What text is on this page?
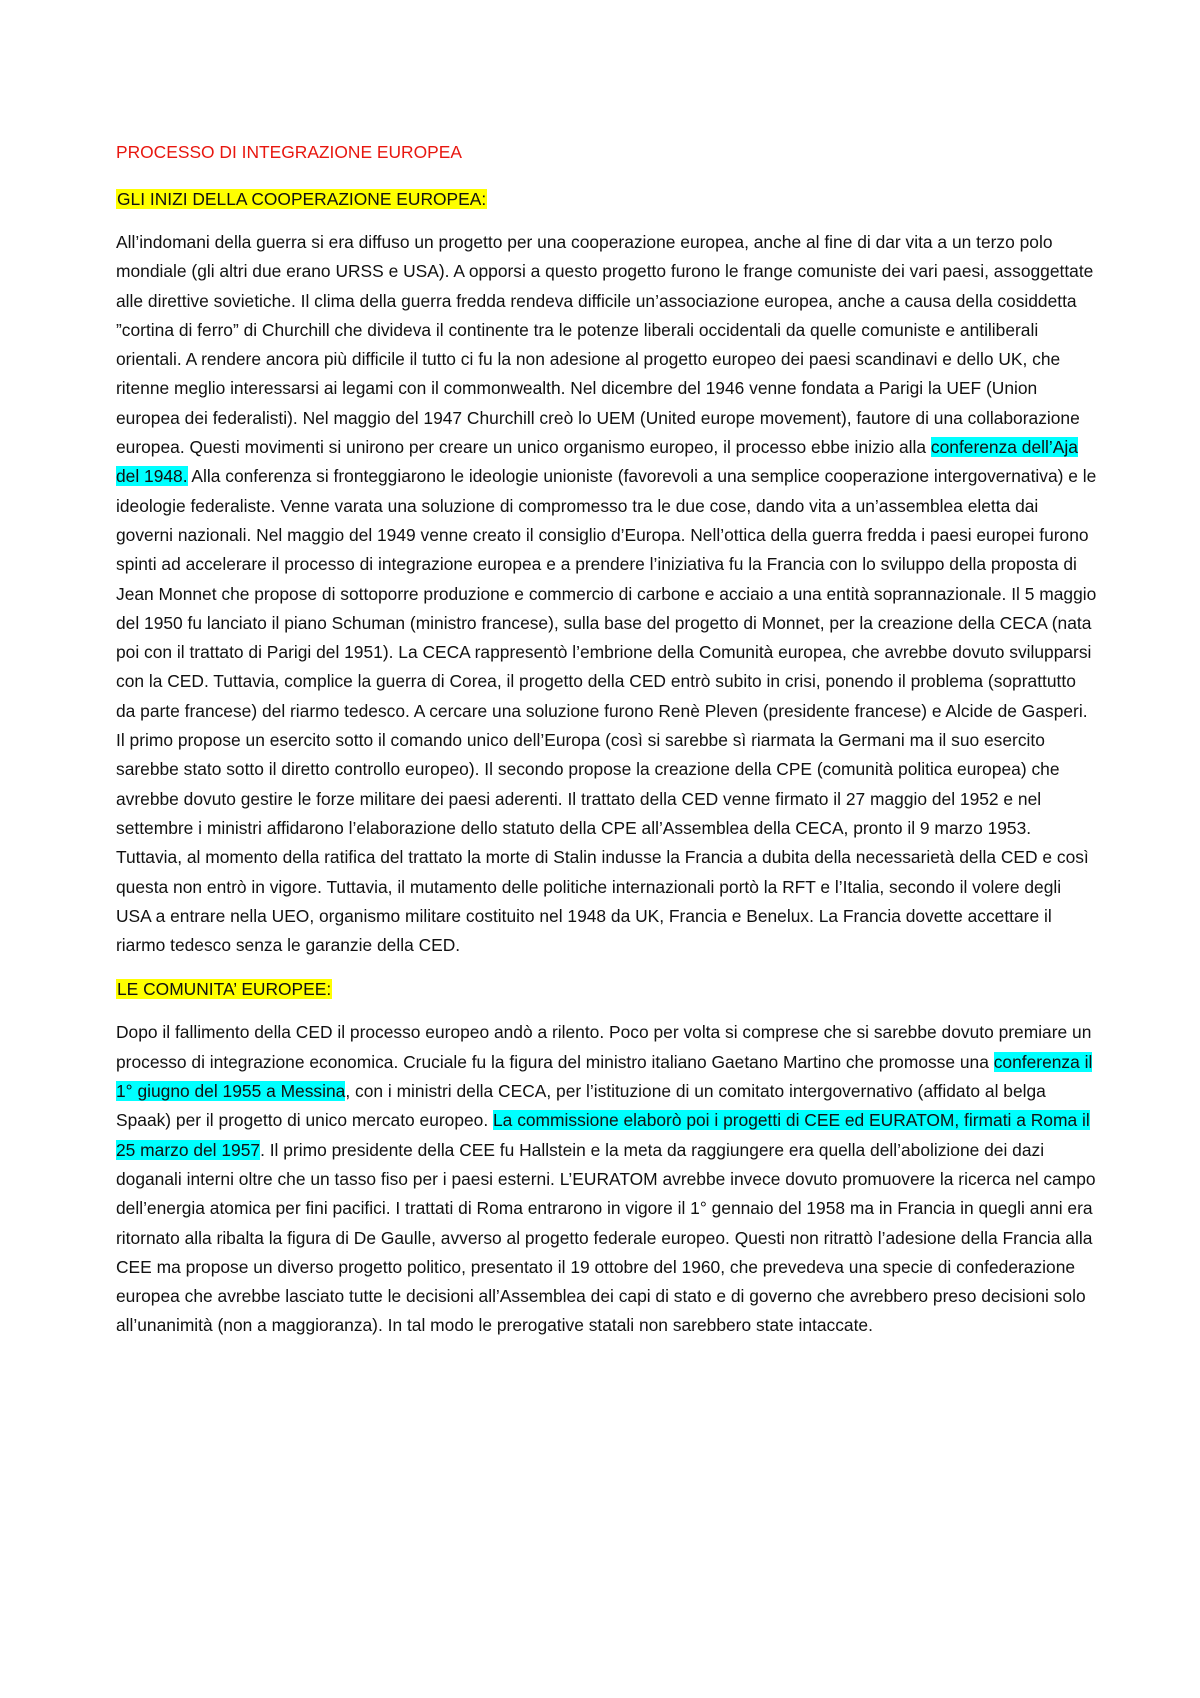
PROCESSO DI INTEGRAZIONE EUROPEA
GLI INIZI DELLA COOPERAZIONE EUROPEA:

All’indomani della guerra si era diffuso un progetto per una cooperazione europea, anche al fine di dar vita a un terzo polo mondiale (gli altri due erano URSS e USA). A opporsi a questo progetto furono le frange comuniste dei vari paesi, assoggettate alle direttive sovietiche. Il clima della guerra fredda rendeva difficile un’associazione europea, anche a causa della cosiddetta ”cortina di ferro” di Churchill che divideva il continente tra le potenze liberali occidentali da quelle comuniste e antiliberali orientali. A rendere ancora più difficile il tutto ci fu la non adesione al progetto europeo dei paesi scandinavi e dello UK, che ritenne meglio interessarsi ai legami con il commonwealth. Nel dicembre del 1946 venne fondata a Parigi la UEF (Union europea dei federalisti). Nel maggio del 1947 Churchill creò lo UEM (United europe movement), fautore di una collaborazione europea. Questi movimenti si unirono per creare un unico organismo europeo, il processo ebbe inizio alla conferenza dell’Aja del 1948. Alla conferenza si fronteggiarono le ideologie unioniste (favorevoli a una semplice cooperazione intergovernativa) e le ideologie federaliste. Venne varata una soluzione di compromesso tra le due cose, dando vita a un’assemblea eletta dai governi nazionali. Nel maggio del 1949 venne creato il consiglio d’Europa. Nell’ottica della guerra fredda i paesi europei furono spinti ad accelerare il processo di integrazione europea e a prendere l’iniziativa fu la Francia con lo sviluppo della proposta di Jean Monnet che propose di sottoporre produzione e commercio di carbone e acciaio a una entità soprannazionale. Il 5 maggio del 1950 fu lanciato il piano Schuman (ministro francese), sulla base del progetto di Monnet, per la creazione della CECA (nata poi con il trattato di Parigi del 1951). La CECA rappresentò l’embrione della Comunità europea, che avrebbe dovuto svilupparsi con la CED. Tuttavia, complice la guerra di Corea, il progetto della CED entrò subito in crisi, ponendo il problema (soprattutto da parte francese) del riarmo tedesco. A cercare una soluzione furono Renè Pleven (presidente francese) e Alcide de Gasperi. Il primo propose un esercito sotto il comando unico dell’Europa (così si sarebbe sì riarmata la Germani ma il suo esercito sarebbe stato sotto il diretto controllo europeo). Il secondo propose la creazione della CPE (comunità politica europea) che avrebbe dovuto gestire le forze militare dei paesi aderenti. Il trattato della CED venne firmato il 27 maggio del 1952 e nel settembre i ministri affidarono l’elaborazione dello statuto della CPE all’Assemblea della CECA, pronto il 9 marzo 1953. Tuttavia, al momento della ratifica del trattato la morte di Stalin indusse la Francia a dubita della necessarietà della CED e così questa non entrò in vigore. Tuttavia, il mutamento delle politiche internazionali portò la RFT e l’Italia, secondo il volere degli USA a entrare nella UEO, organismo militare costituito nel 1948 da UK, Francia e Benelux. La Francia dovette accettare il riarmo tedesco senza le garanzie della CED.

LE COMUNITA’ EUROPEE:

Dopo il fallimento della CED il processo europeo andò a rilento. Poco per volta si comprese che si sarebbe dovuto premiare un processo di integrazione economica. Cruciale fu la figura del ministro italiano Gaetano Martino che promosse una conferenza il 1° giugno del 1955 a Messina, con i ministri della CECA, per l’istituzione di un comitato intergovernativo (affidato al belga Spaak) per il progetto di unico mercato europeo. La commissione elaborò poi i progetti di CEE ed EURATOM, firmati a Roma il 25 marzo del 1957. Il primo presidente della CEE fu Hallstein e la meta da raggiungere era quella dell’abolizione dei dazi doganali interni oltre che un tasso fiso per i paesi esterni. L’EURATOM avrebbe invece dovuto promuovere la ricerca nel campo dell’energia atomica per fini pacifici. I trattati di Roma entrarono in vigore il 1° gennaio del 1958 ma in Francia in quegli anni era ritornato alla ribalta la figura di De Gaulle, avverso al progetto federale europeo. Questi non ritrattò l’adesione della Francia alla CEE ma propose un diverso progetto politico, presentato il 19 ottobre del 1960, che prevedeva una specie di confederazione europea che avrebbe lasciato tutte le decisioni all’Assemblea dei capi di stato e di governo che avrebbero preso decisioni solo all’unanimità (non a maggioranza). In tal modo le prerogative statali non sarebbero state intaccate.
